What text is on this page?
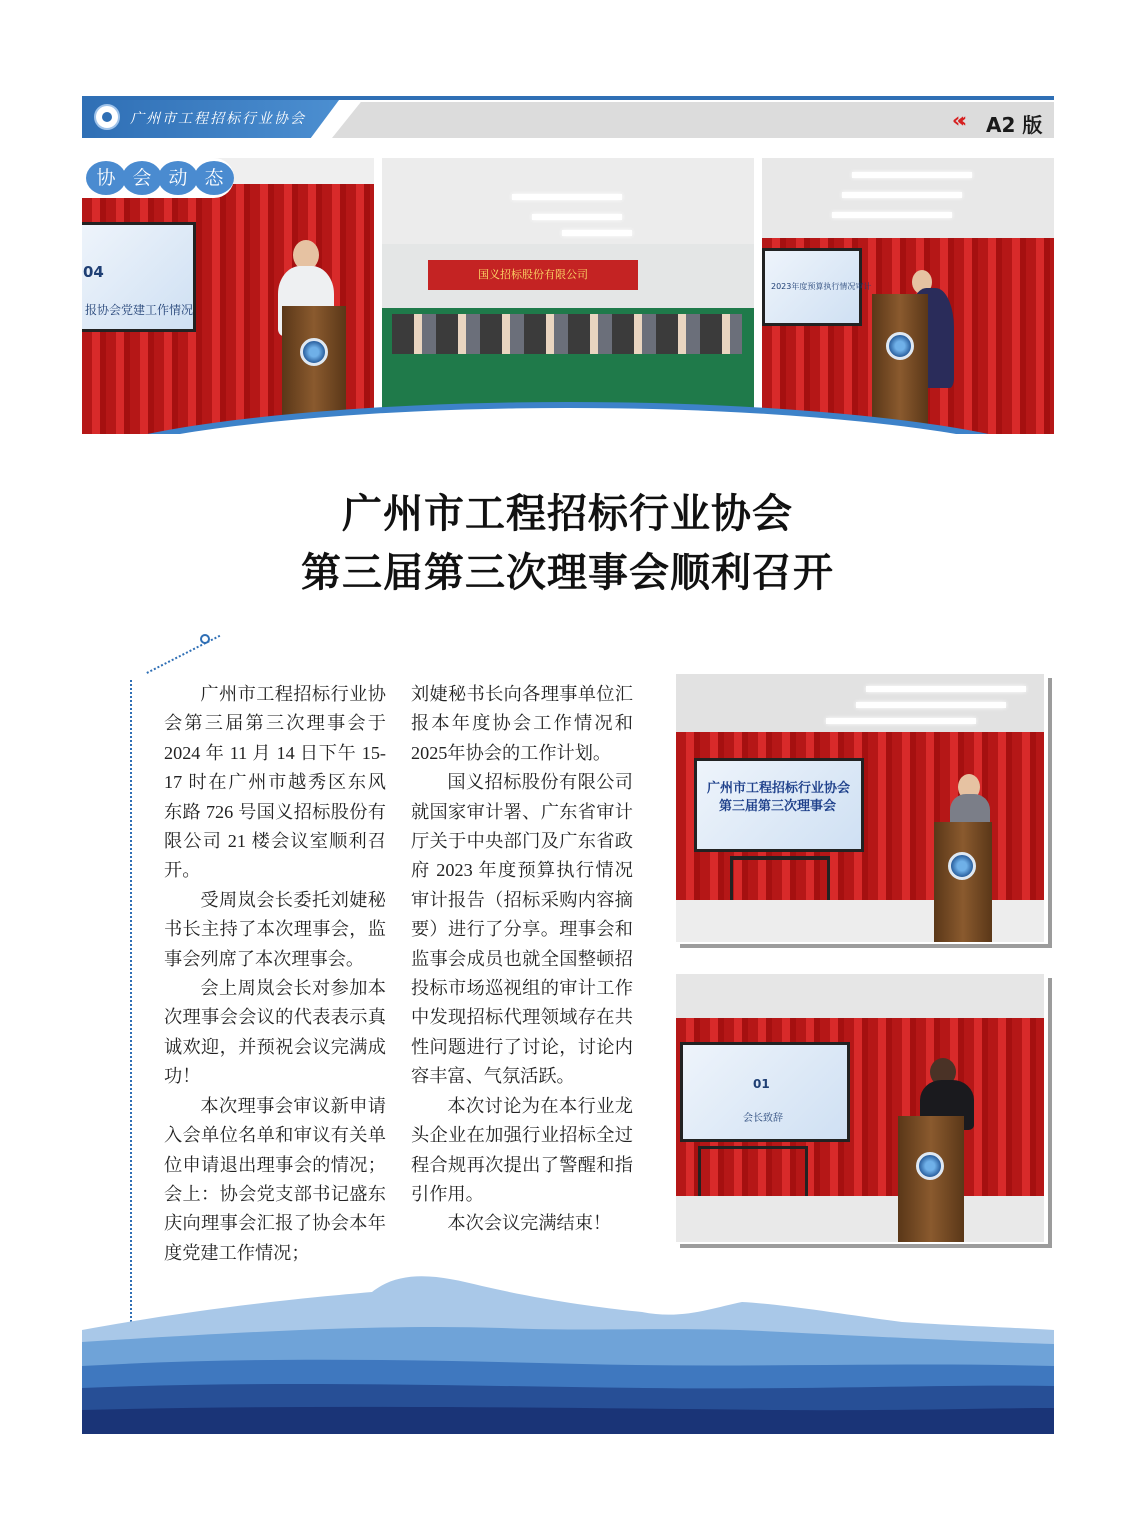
广州市工程招标行业协会	«‹	A2 版
04
报协会党建工作情况
国义招标股份有限公司
2023年度预算执行情况审计
协 会 动 态
广州市工程招标行业协会
第三届第三次理事会顺利召开

广州市工程招标行业协会第三届第三次理事会于 2024 年 11 月 14 日下午 15-17 时在广州市越秀区东风东路 726 号国义招标股份有限公司 21 楼会议室顺利召开。

受周岚会长委托刘婕秘书长主持了本次理事会，监事会列席了本次理事会。

会上周岚会长对参加本次理事会会议的代表表示真诚欢迎，并预祝会议完满成功！

本次理事会审议新申请入会单位名单和审议有关单位申请退出理事会的情况；会上：协会党支部书记盛东庆向理事会汇报了协会本年度党建工作情况；

刘婕秘书长向各理事单位汇报本年度协会工作情况和2025年协会的工作计划。

国义招标股份有限公司就国家审计署、广东省审计厅关于中央部门及广东省政府 2023 年度预算执行情况审计报告（招标采购内容摘要）进行了分享。理事会和监事会成员也就全国整顿招投标市场巡视组的审计工作中发现招标代理领域存在共性问题进行了讨论，讨论内容丰富、气氛活跃。

本次讨论为在本行业龙头企业在加强行业招标全过程合规再次提出了警醒和指引作用。

本次会议完满结束！

广州市工程招标行业协会
第三届第三次理事会
01
会长致辞
